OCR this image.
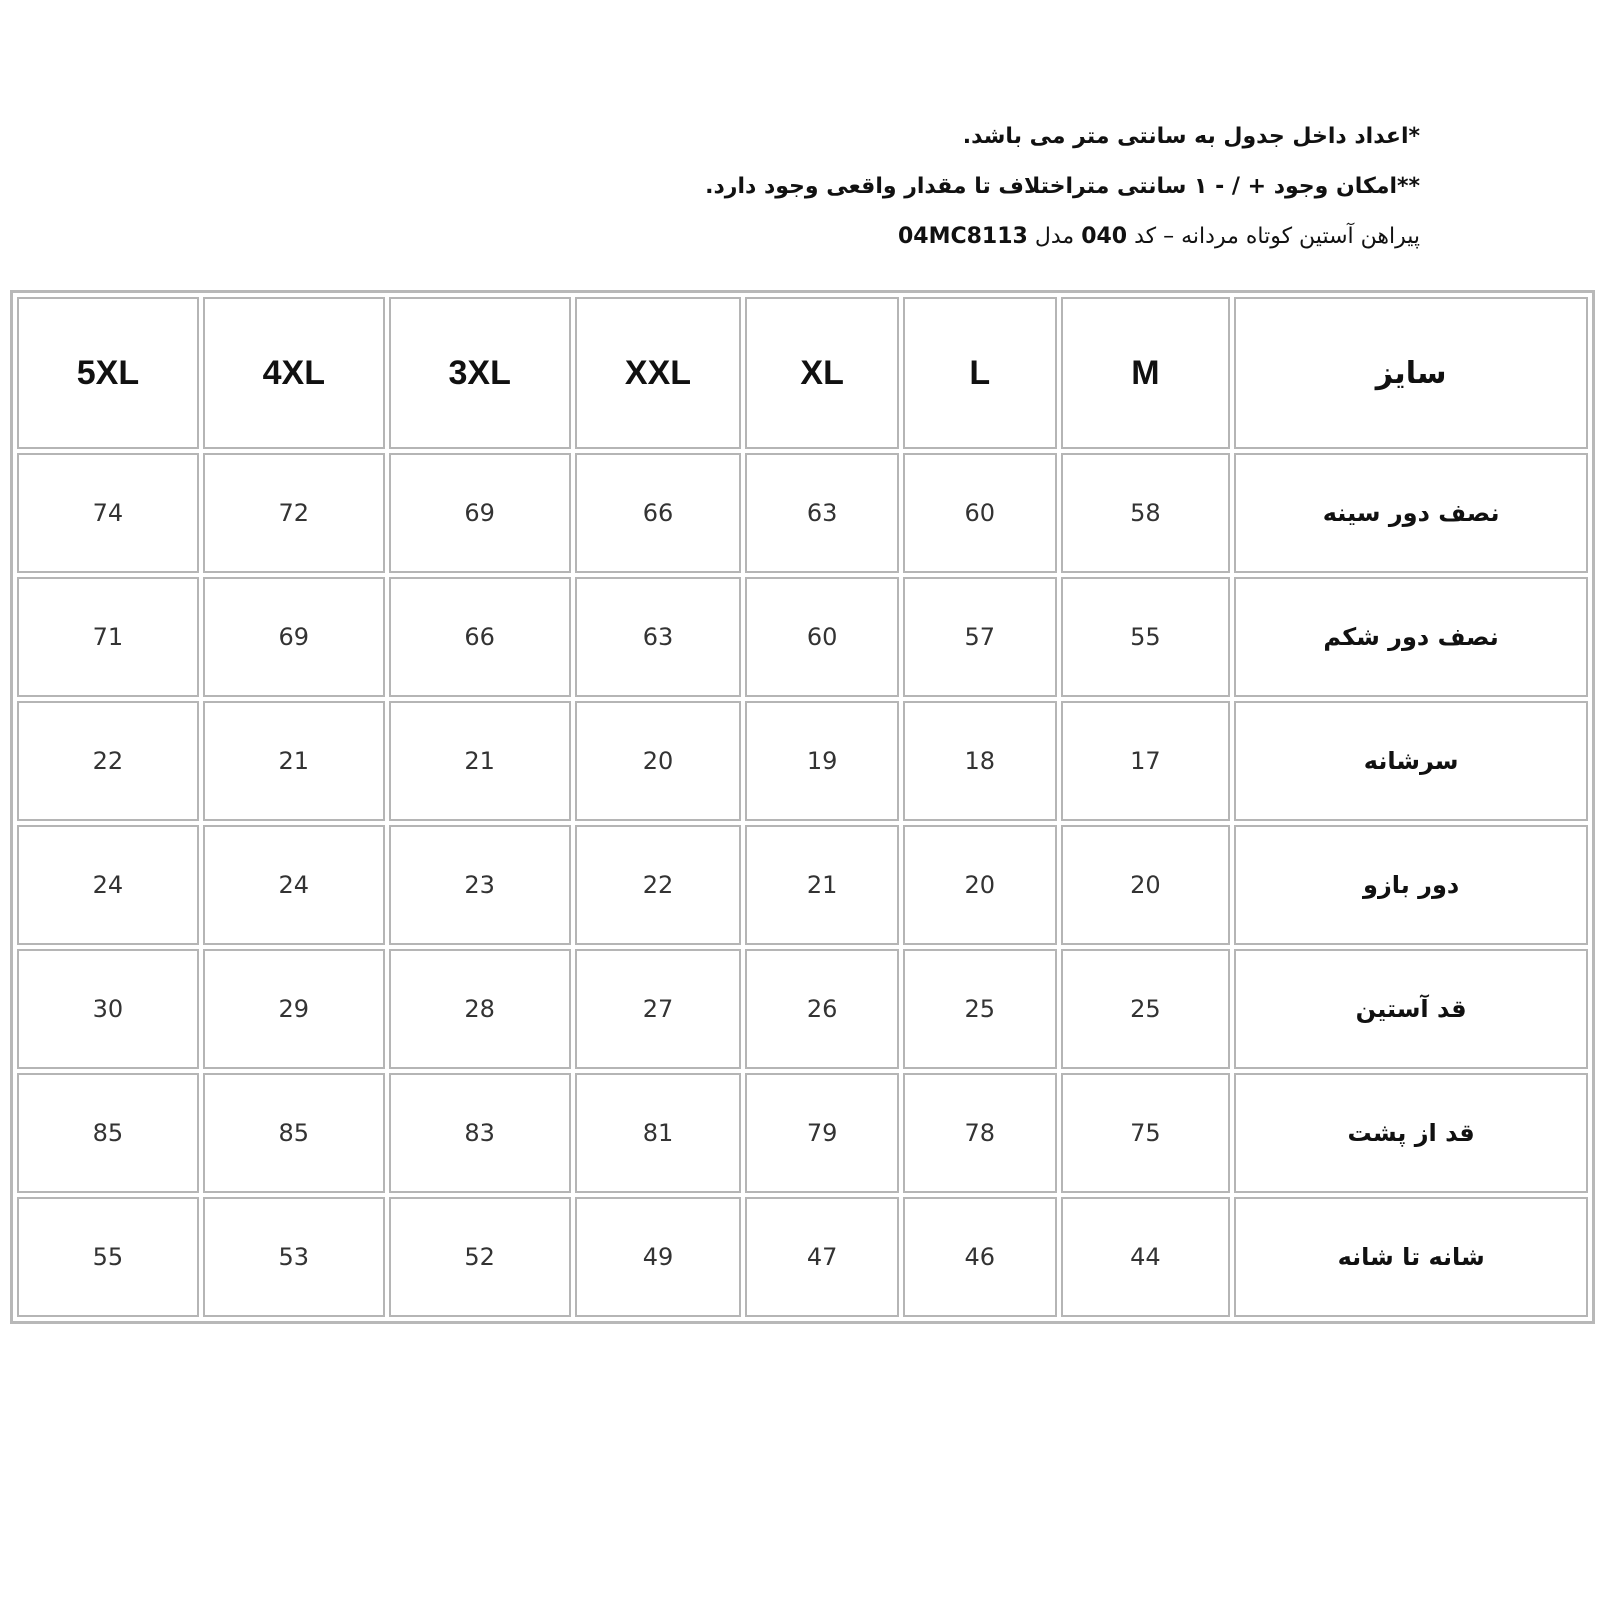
*اعداد داخل جدول به سانتی متر می باشد.
**امکان وجود + / - ۱ سانتی متراختلاف تا مقدار واقعی وجود دارد.
پیراهن آستین کوتاه مردانه – کد 040 مدل 04MC8113
5XL	4XL	3XL	XXL	XL	L	M	سایز
74	72	69	66	63	60	58	نصف دور سینه
71	69	66	63	60	57	55	نصف دور شکم
22	21	21	20	19	18	17	سرشانه
24	24	23	22	21	20	20	دور بازو
30	29	28	27	26	25	25	قد آستین
85	85	83	81	79	78	75	قد از پشت
55	53	52	49	47	46	44	شانه تا شانه
